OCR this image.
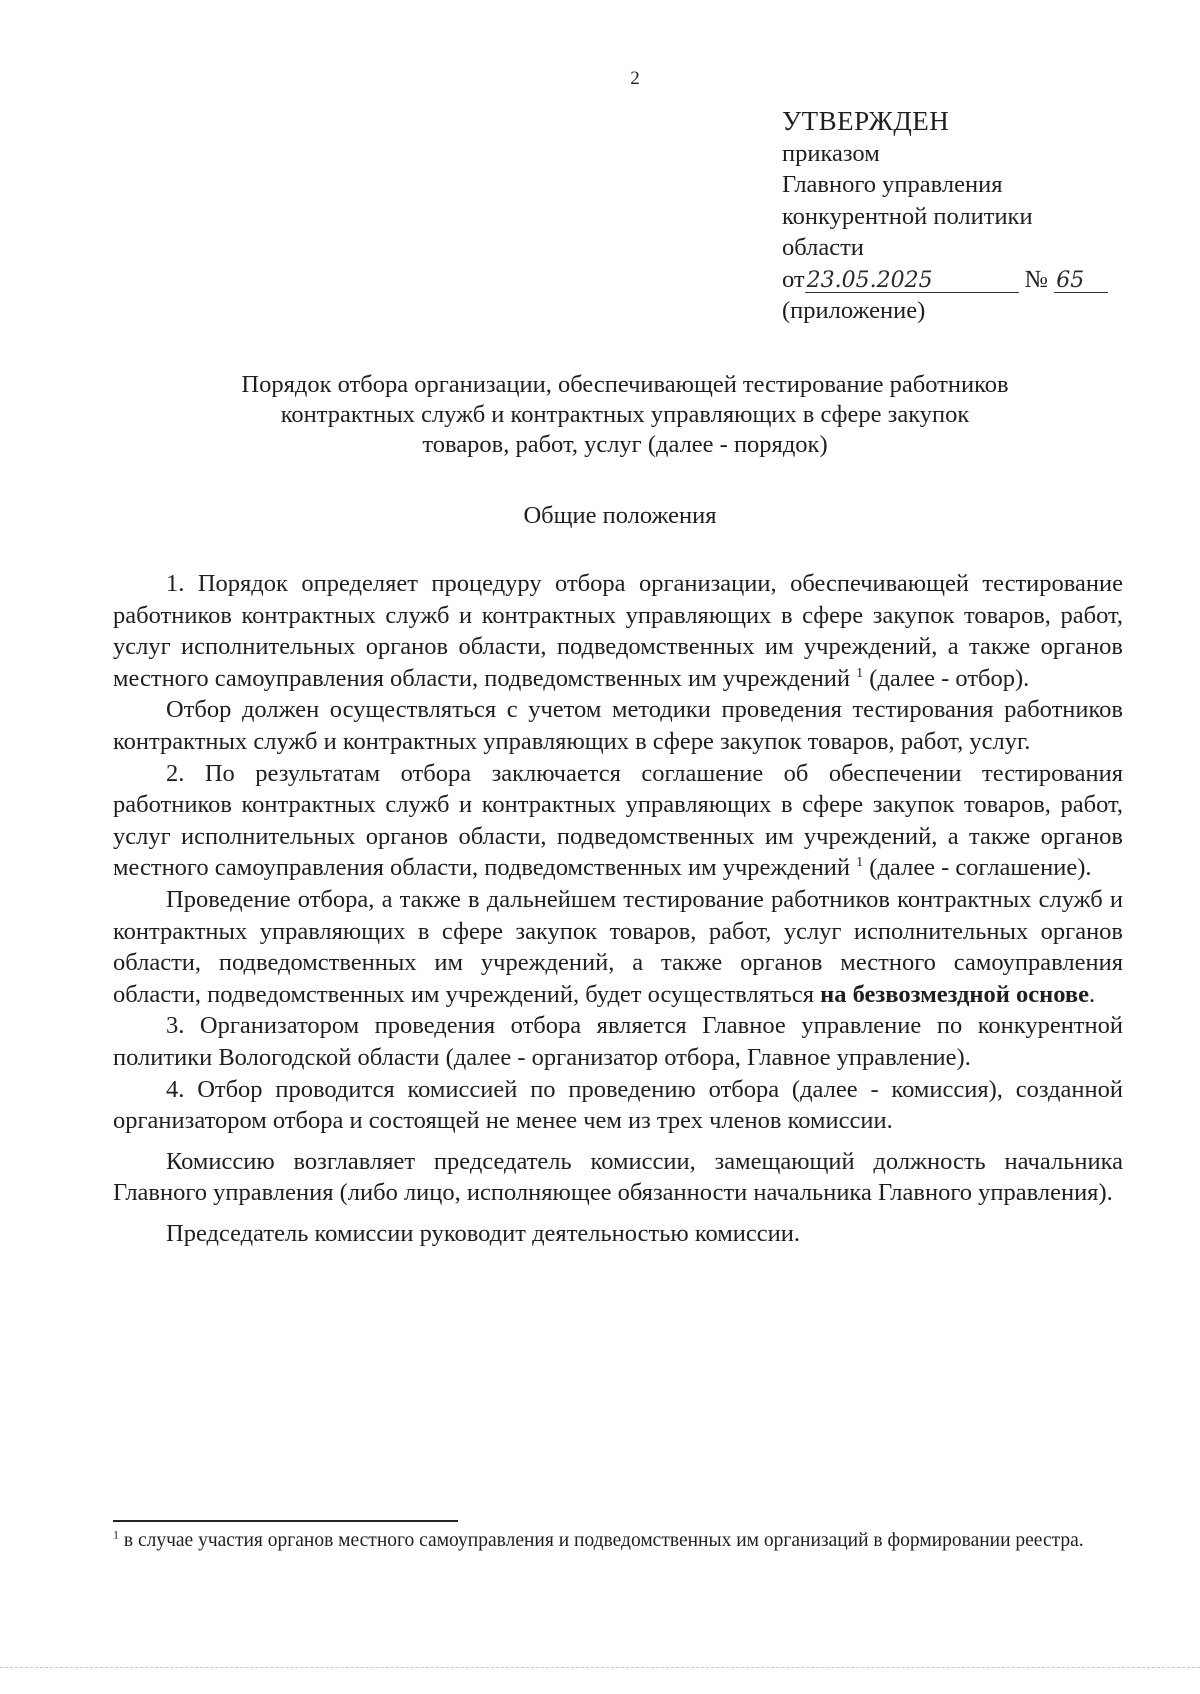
2
УТВЕРЖДЕН
приказом
Главного управления
конкурентной политики
области
от23.05.2025	№ 65
(приложение)
Порядок отбора организации, обеспечивающей тестирование работников
контрактных служб и контрактных управляющих в сфере закупок
товаров, работ, услуг (далее - порядок)
Общие положения

1. Порядок определяет процедуру отбора организации, обеспечивающей тестирование работников контрактных служб и контрактных управляющих в сфере закупок товаров, работ, услуг исполнительных органов области, подведомственных им учреждений, а также органов местного самоуправления области, подведомственных им учреждений $^1$ (далее - отбор).

Отбор должен осуществляться с учетом методики проведения тестирования работников контрактных служб и контрактных управляющих в сфере закупок товаров, работ, услуг.

2. По результатам отбора заключается соглашение об обеспечении тестирования работников контрактных служб и контрактных управляющих в сфере закупок товаров, работ, услуг исполнительных органов области, подведомственных им учреждений, а также органов местного самоуправления области, подведомственных им учреждений $^1$ (далее - соглашение).

Проведение отбора, а также в дальнейшем тестирование работников контрактных служб и контрактных управляющих в сфере закупок товаров, работ, услуг исполнительных органов области, подведомственных им учреждений, а также органов местного самоуправления области, подведомственных им учреждений, будет осуществляться на безвозмездной основе.

3. Организатором проведения отбора является Главное управление по конкурентной политики Вологодской области (далее - организатор отбора, Главное управление).

4. Отбор проводится комиссией по проведению отбора (далее - комиссия), созданной организатором отбора и состоящей не менее чем из трех членов комиссии.

Комиссию возглавляет председатель комиссии, замещающий должность начальника Главного управления (либо лицо, исполняющее обязанности начальника Главного управления).

Председатель комиссии руководит деятельностью комиссии.

$^1$ в случае участия органов местного самоуправления и подведомственных им организаций в формировании реестра.
